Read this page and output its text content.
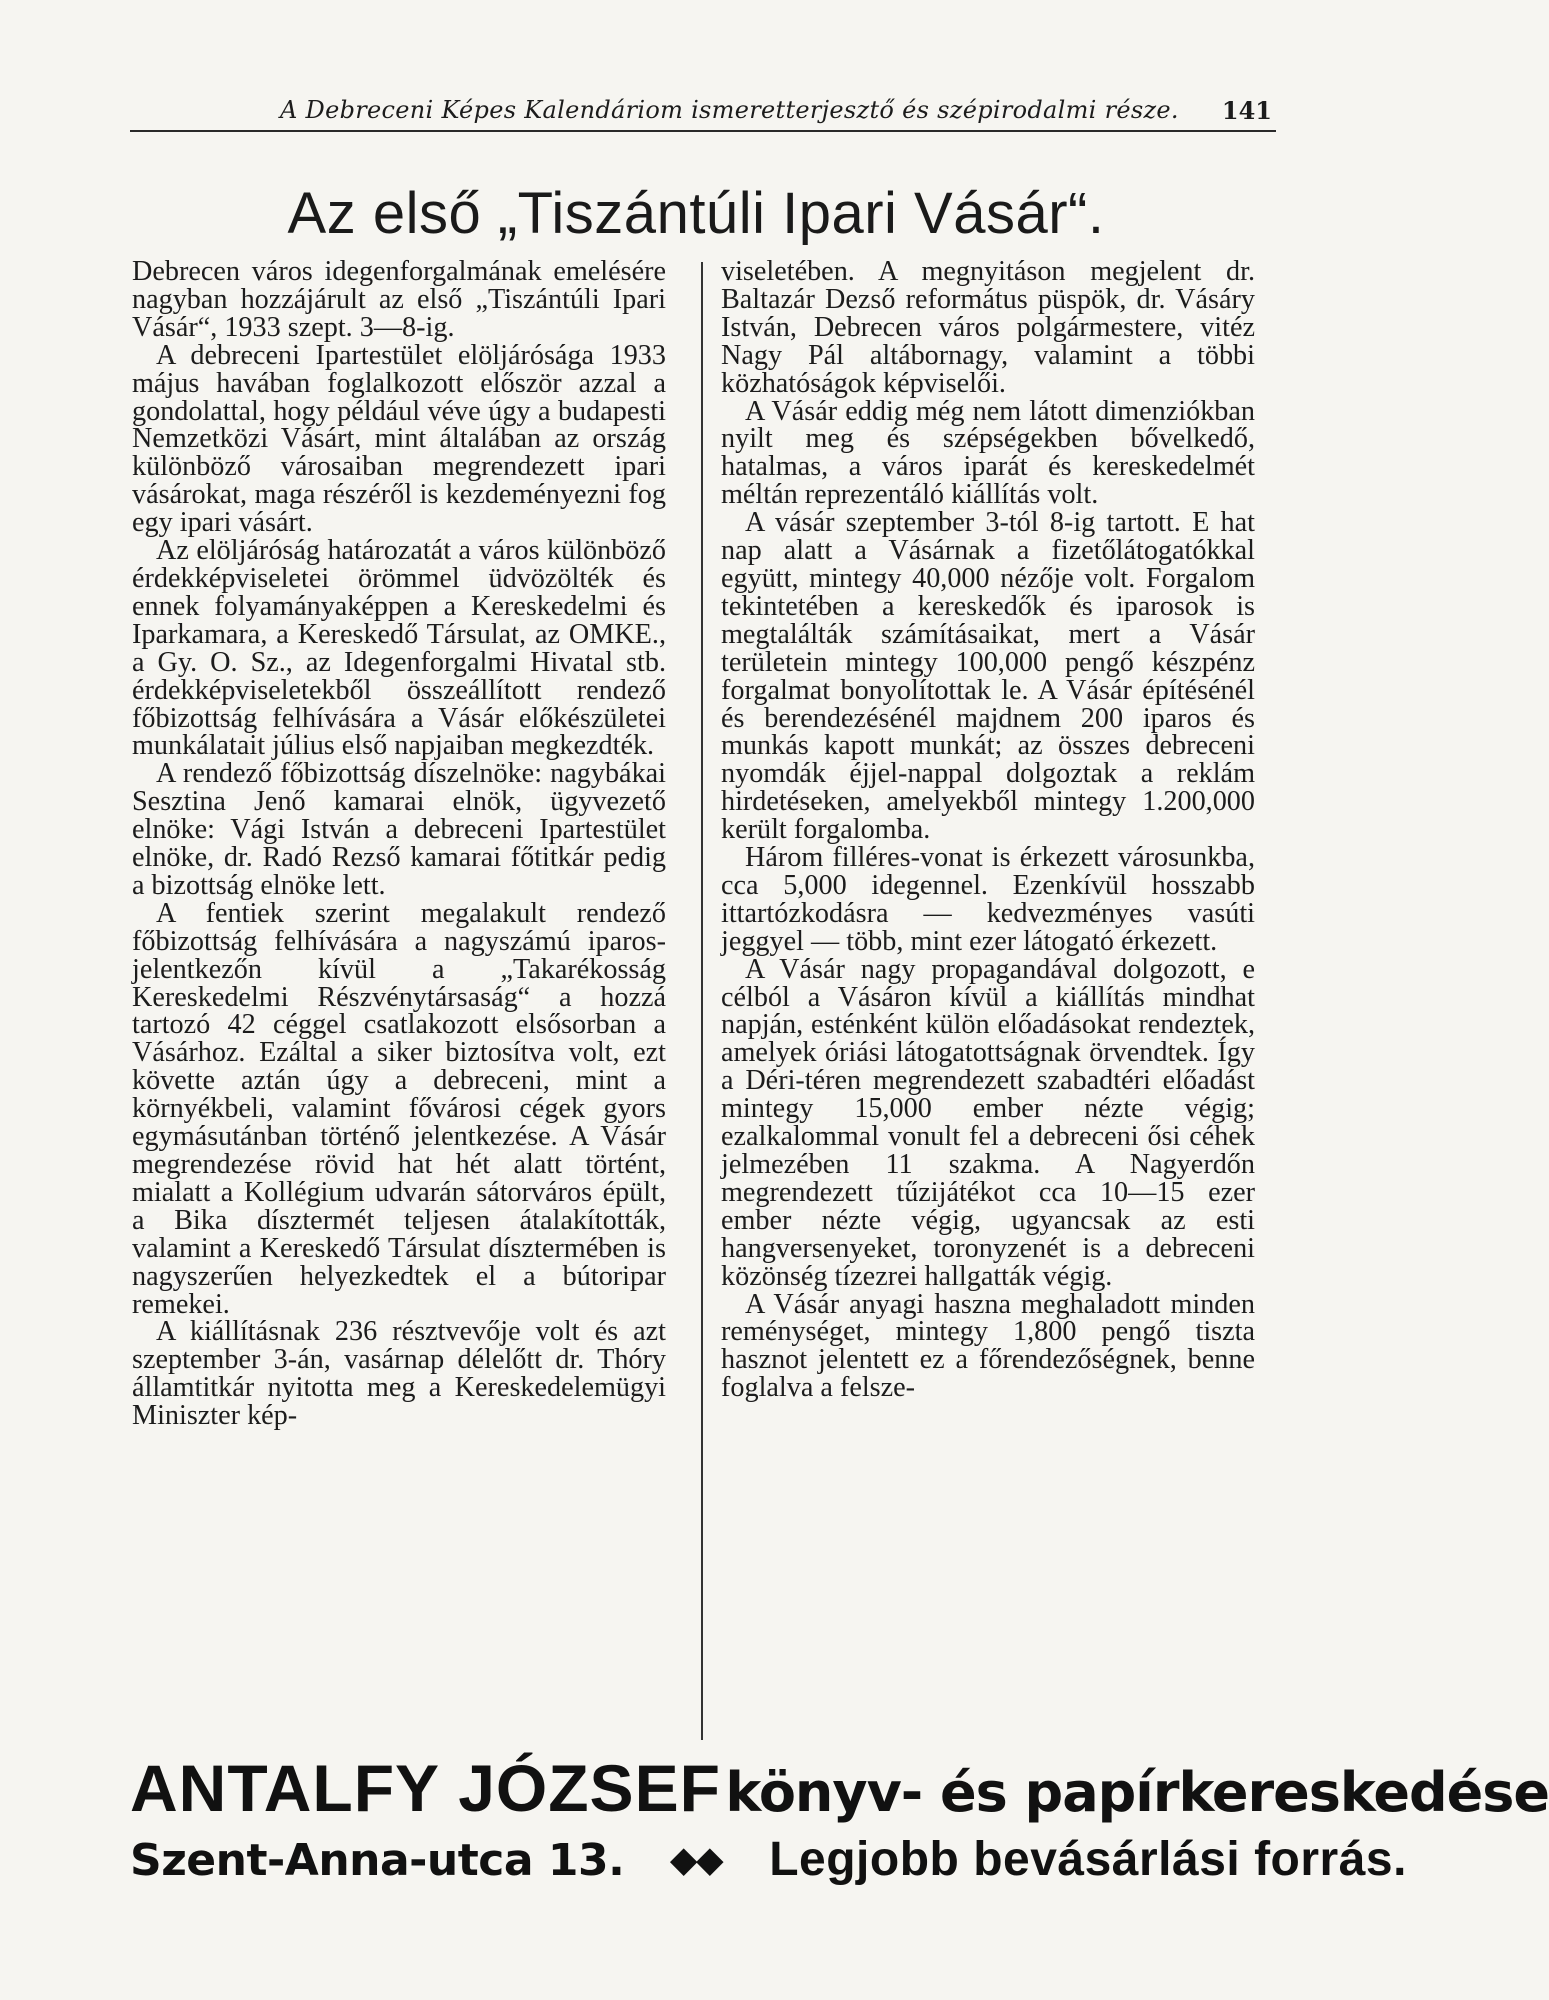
A Debreceni Képes Kalendáriom ismeretterjesztő és szépirodalmi része. 141
Az első „Tiszántúli Ipari Vásár“.

Debrecen város idegenforgalmának emelésére nagyban hozzájárult az első „Tiszántúli Ipari Vásár“, 1933 szept. 3—8-ig.

A debreceni Ipartestület elöljárósága 1933 május havában foglalkozott először azzal a gondolattal, hogy például véve úgy a budapesti Nemzetközi Vásárt, mint általában az ország különböző városaiban megrendezett ipari vásárokat, maga részéről is kezdeményezni fog egy ipari vásárt.

Az elöljáróság határozatát a város különböző érdekképviseletei örömmel üdvözölték és ennek folyamányaképpen a Kereskedelmi és Iparkamara, a Kereskedő Társulat, az OMKE., a Gy. O. Sz., az Idegenforgalmi Hivatal stb. érdekképviseletekből összeállított rendező főbizottság felhívására a Vásár előkészületei munkálatait július első napjaiban megkezdték.

A rendező főbizottság díszelnöke: nagybákai Sesztina Jenő kamarai elnök, ügyvezető elnöke: Vági István a debreceni Ipartestület elnöke, dr. Radó Rezső kamarai főtitkár pedig a bizottság elnöke lett.

A fentiek szerint megalakult rendező főbizottság felhívására a nagyszámú iparos-jelentkezőn kívül a „Takarékosság Kereskedelmi Részvénytársaság“ a hozzá tartozó 42 céggel csatlakozott elsősorban a Vásárhoz. Ezáltal a siker biztosítva volt, ezt követte aztán úgy a debreceni, mint a környékbeli, valamint fővárosi cégek gyors egymásutánban történő jelentkezése. A Vásár megrendezése rövid hat hét alatt történt, mialatt a Kollégium udvarán sátorváros épült, a Bika dísztermét teljesen átalakították, valamint a Kereskedő Társulat dísztermében is nagyszerűen helyezkedtek el a bútoripar remekei.

A kiállításnak 236 résztvevője volt és azt szeptember 3-án, vasárnap délelőtt dr. Thóry államtitkár nyitotta meg a Kereskedelemügyi Miniszter kép-

viseletében. A megnyitáson megjelent dr. Baltazár Dezső református püspök, dr. Vásáry István, Debrecen város polgármestere, vitéz Nagy Pál altábornagy, valamint a többi közhatóságok képviselői.

A Vásár eddig még nem látott dimenziókban nyilt meg és szépségekben bővelkedő, hatalmas, a város iparát és kereskedelmét méltán reprezentáló kiállítás volt.

A vásár szeptember 3-tól 8-ig tartott. E hat nap alatt a Vásárnak a fizetőlátogatókkal együtt, mintegy 40,000 nézője volt. Forgalom tekintetében a kereskedők és iparosok is megtalálták számításaikat, mert a Vásár területein mintegy 100,000 pengő készpénz forgalmat bonyolítottak le. A Vásár építésénél és berendezésénél majdnem 200 iparos és munkás kapott munkát; az összes debreceni nyomdák éjjel-nappal dolgoztak a reklám hirdetéseken, amelyekből mintegy 1.200,000 került forgalomba.

Három filléres-vonat is érkezett városunkba, cca 5,000 idegennel. Ezenkívül hosszabb ittartózkodásra — kedvezményes vasúti jeggyel — több, mint ezer látogató érkezett.

A Vásár nagy propagandával dolgozott, e célból a Vásáron kívül a kiállítás mindhat napján, esténként külön előadásokat rendeztek, amelyek óriási látogatottságnak örvendtek. Így a Déri-téren megrendezett szabadtéri előadást mintegy 15,000 ember nézte végig; ezalkalommal vonult fel a debreceni ősi céhek jelmezében 11 szakma. A Nagyerdőn megrendezett tűzijátékot cca 10—15 ezer ember nézte végig, ugyancsak az esti hangversenyeket, toronyzenét is a debreceni közönség tízezrei hallgatták végig.

A Vásár anyagi haszna meghaladott minden reménységet, mintegy 1,800 pengő tiszta hasznot jelentett ez a főrendezőségnek, benne foglalva a felsze-

ANTALFY JÓZSEF könyv- és papírkereskedése
Szent-Anna-utca 13. ◆◆ Legjobb bevásárlási forrás.
